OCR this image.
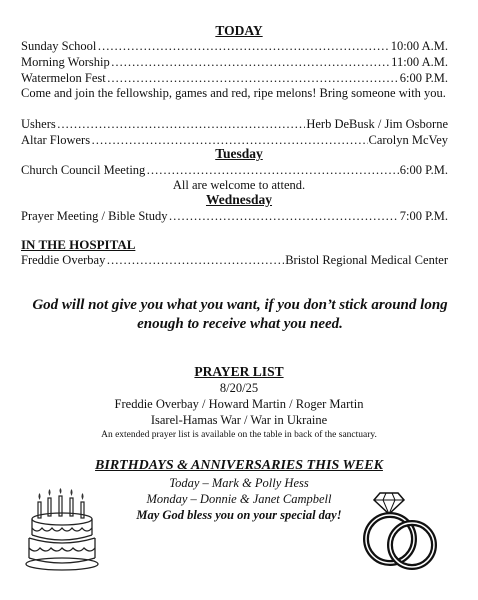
TODAY
Sunday School …………………………………………………………………………………………………………………………………………………………	10:00 A.M.
Morning Worship …………………………………………………………………………………………………………………………………………………………	11:00 A.M.
Watermelon Fest …………………………………………………………………………………………………………………………………………………………	6:00 P.M.
Come and join the fellowship, games and red, ripe melons! Bring someone with you.
Ushers …………………………………………………………………………………………………………………………………………………………	Herb DeBusk / Jim Osborne
Altar Flowers …………………………………………………………………………………………………………………………………………………………	Carolyn McVey
Tuesday
Church Council Meeting …………………………………………………………………………………………………………………………………………………………	6:00 P.M.
All are welcome to attend.
Wednesday
Prayer Meeting / Bible Study …………………………………………………………………………………………………………………………………………………………	7:00 P.M.
IN THE HOSPITAL
Freddie Overbay …………………………………………………………………………………………………………………………………………………………	Bristol Regional Medical Center
God will not give you what you want, if you don’t stick around long enough to receive what you need.
PRAYER LIST
8/20/25
Freddie Overbay / Howard Martin / Roger Martin
Isarel-Hamas War / War in Ukraine
An extended prayer list is available on the table in back of the sanctuary.
BIRTHDAYS & ANNIVERSARIES THIS WEEK
Today – Mark & Polly Hess
Monday – Donnie & Janet Campbell
May God bless you on your special day!
